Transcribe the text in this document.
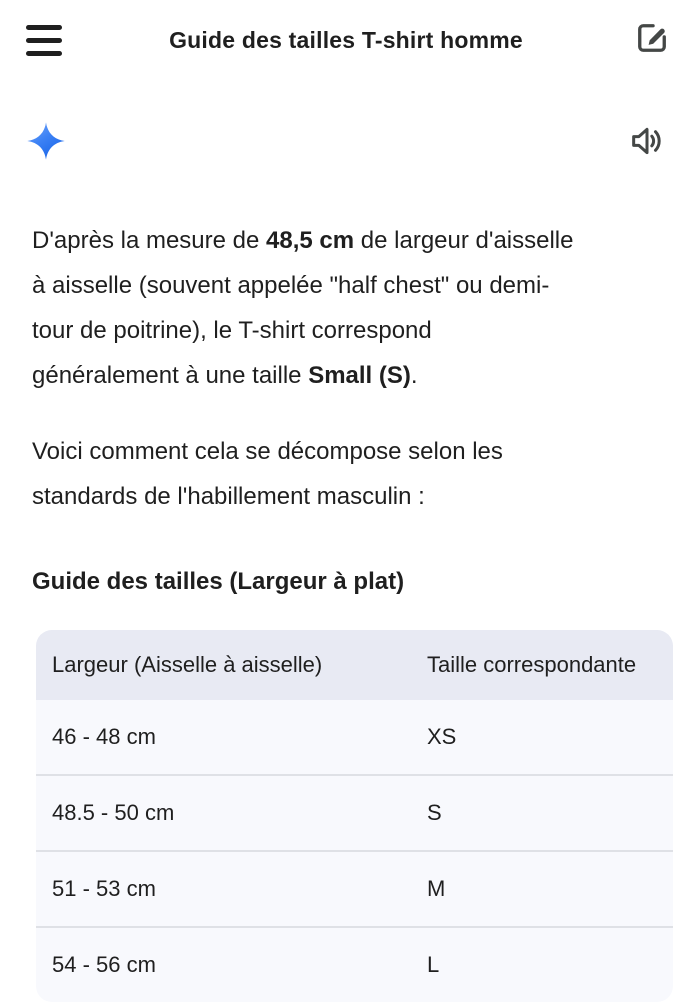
Guide des tailles T-shirt homme
D'après la mesure de 48,5 cm de largeur d'aisselle
à aisselle (souvent appelée "half chest" ou demi-
tour de poitrine), le T-shirt correspond
généralement à une taille Small (S).
Voici comment cela se décompose selon les
standards de l'habillement masculin :
Guide des tailles (Largeur à plat)
Largeur (Aisselle à aisselle)	Taille correspondante
46 - 48 cm	XS
48.5 - 50 cm	S
51 - 53 cm	M
54 - 56 cm	L
